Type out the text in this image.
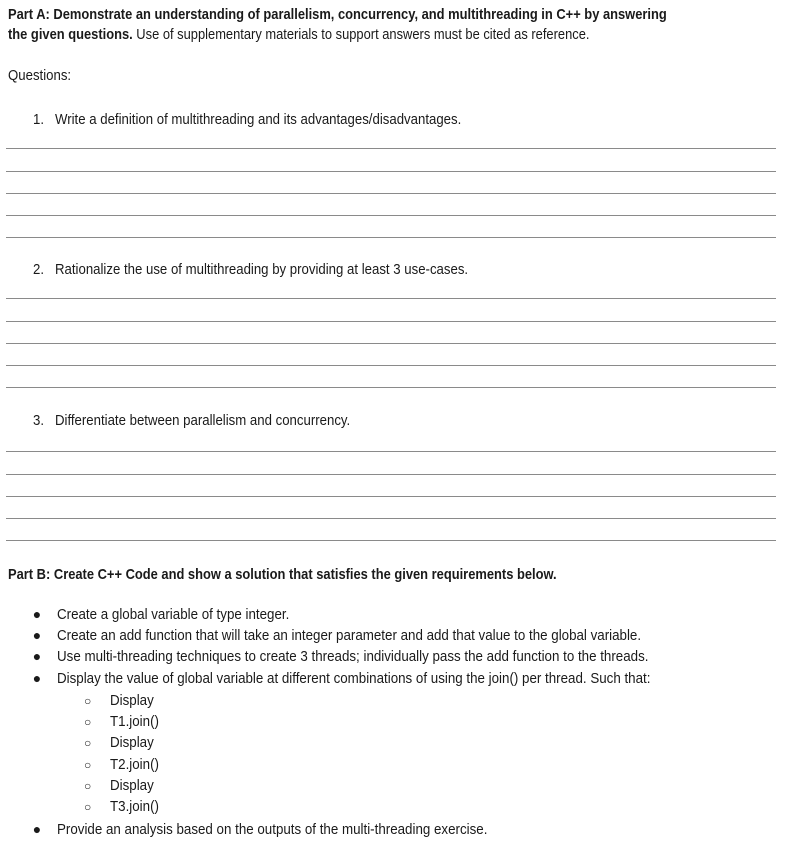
Part A: Demonstrate an understanding of parallelism, concurrency, and multithreading in C++ by answering
the given questions. Use of supplementary materials to support answers must be cited as reference.
Questions:
1. Write a definition of multithreading and its advantages/disadvantages.
2. Rationalize the use of multithreading by providing at least 3 use-cases.
3. Differentiate between parallelism and concurrency.
Part B: Create C++ Code and show a solution that satisfies the given requirements below.
● Create a global variable of type integer.
● Create an add function that will take an integer parameter and add that value to the global variable.
● Use multi-threading techniques to create 3 threads; individually pass the add function to the threads.
● Display the value of global variable at different combinations of using the join() per thread. Such that:
○ Display
○ T1.join()
○ Display
○ T2.join()
○ Display
○ T3.join()
● Provide an analysis based on the outputs of the multi-threading exercise.
